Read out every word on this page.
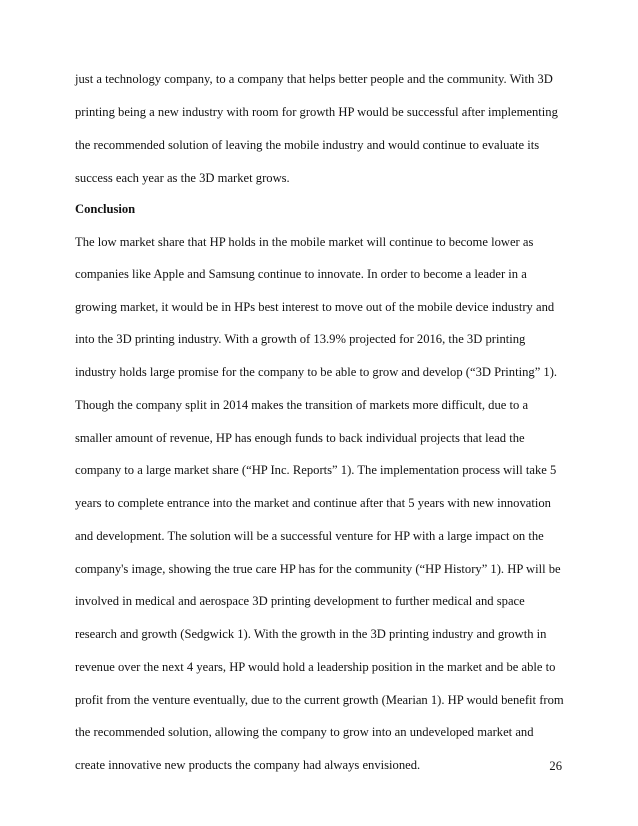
just a technology company, to a company that helps better people and the community. With 3D
printing being a new industry with room for growth HP would be successful after implementing
the recommended solution of leaving the mobile industry and would continue to evaluate its
success each year as the 3D market grows.
Conclusion
The low market share that HP holds in the mobile market will continue to become lower as
companies like Apple and Samsung continue to innovate. In order to become a leader in a
growing market, it would be in HPs best interest to move out of the mobile device industry and
into the 3D printing industry. With a growth of 13.9% projected for 2016, the 3D printing
industry holds large promise for the company to be able to grow and develop (“3D Printing” 1).
Though the company split in 2014 makes the transition of markets more difficult, due to a
smaller amount of revenue, HP has enough funds to back individual projects that lead the
company to a large market share (“HP Inc. Reports” 1). The implementation process will take 5
years to complete entrance into the market and continue after that 5 years with new innovation
and development. The solution will be a successful venture for HP with a large impact on the
company's image, showing the true care HP has for the community (“HP History” 1). HP will be
involved in medical and aerospace 3D printing development to further medical and space
research and growth (Sedgwick 1). With the growth in the 3D printing industry and growth in
revenue over the next 4 years, HP would hold a leadership position in the market and be able to
profit from the venture eventually, due to the current growth (Mearian 1). HP would benefit from
the recommended solution, allowing the company to grow into an undeveloped market and
create innovative new products the company had always envisioned.	26
